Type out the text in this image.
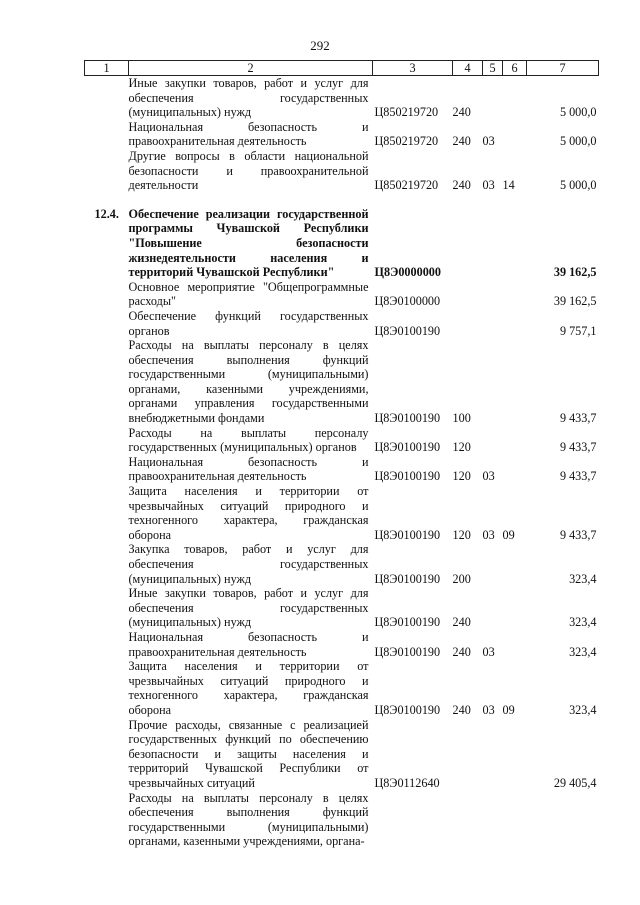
292
1	2	3	4	5	6	7
	Иные закупки товаров, работ и услуг для обеспечения государственных (муниципальных) нужд	Ц850219720	240			5 000,0
	Национальная безопасность и правоохранительная деятельность	Ц850219720	240	03		5 000,0
	Другие вопросы в области национальной безопасности и правоохранительной деятельности	Ц850219720	240	03	14	5 000,0

12.4.	Обеспечение реализации государственной программы Чувашской Республики "Повышение безопасности жизнедеятельности населения и территорий Чувашской Республики"	Ц8Э0000000				39 162,5
	Основное мероприятие "Общепрограммные расходы"	Ц8Э0100000				39 162,5
	Обеспечение функций государственных органов	Ц8Э0100190				9 757,1
	Расходы на выплаты персоналу в целях обеспечения выполнения функций государственными (муниципальными) органами, казенными учреждениями, органами управления государственными внебюджетными фондами	Ц8Э0100190	100			9 433,7
	Расходы на выплаты персоналу государственных (муниципальных) органов	Ц8Э0100190	120			9 433,7
	Национальная безопасность и правоохранительная деятельность	Ц8Э0100190	120	03		9 433,7
	Защита населения и территории от чрезвычайных ситуаций природного и техногенного характера, гражданская оборона	Ц8Э0100190	120	03	09	9 433,7
	Закупка товаров, работ и услуг для обеспечения государственных (муниципальных) нужд	Ц8Э0100190	200			323,4
	Иные закупки товаров, работ и услуг для обеспечения государственных (муниципальных) нужд	Ц8Э0100190	240			323,4
	Национальная безопасность и правоохранительная деятельность	Ц8Э0100190	240	03		323,4
	Защита населения и территории от чрезвычайных ситуаций природного и техногенного характера, гражданская оборона	Ц8Э0100190	240	03	09	323,4
	Прочие расходы, связанные с реализацией государственных функций по обеспечению безопасности и защиты населения и территорий Чувашской Республики от чрезвычайных ситуаций	Ц8Э0112640				29 405,4
	Расходы на выплаты персоналу в целях обеспечения выполнения функций государственными (муниципальными) органами, казенными учреждениями, органа-					
